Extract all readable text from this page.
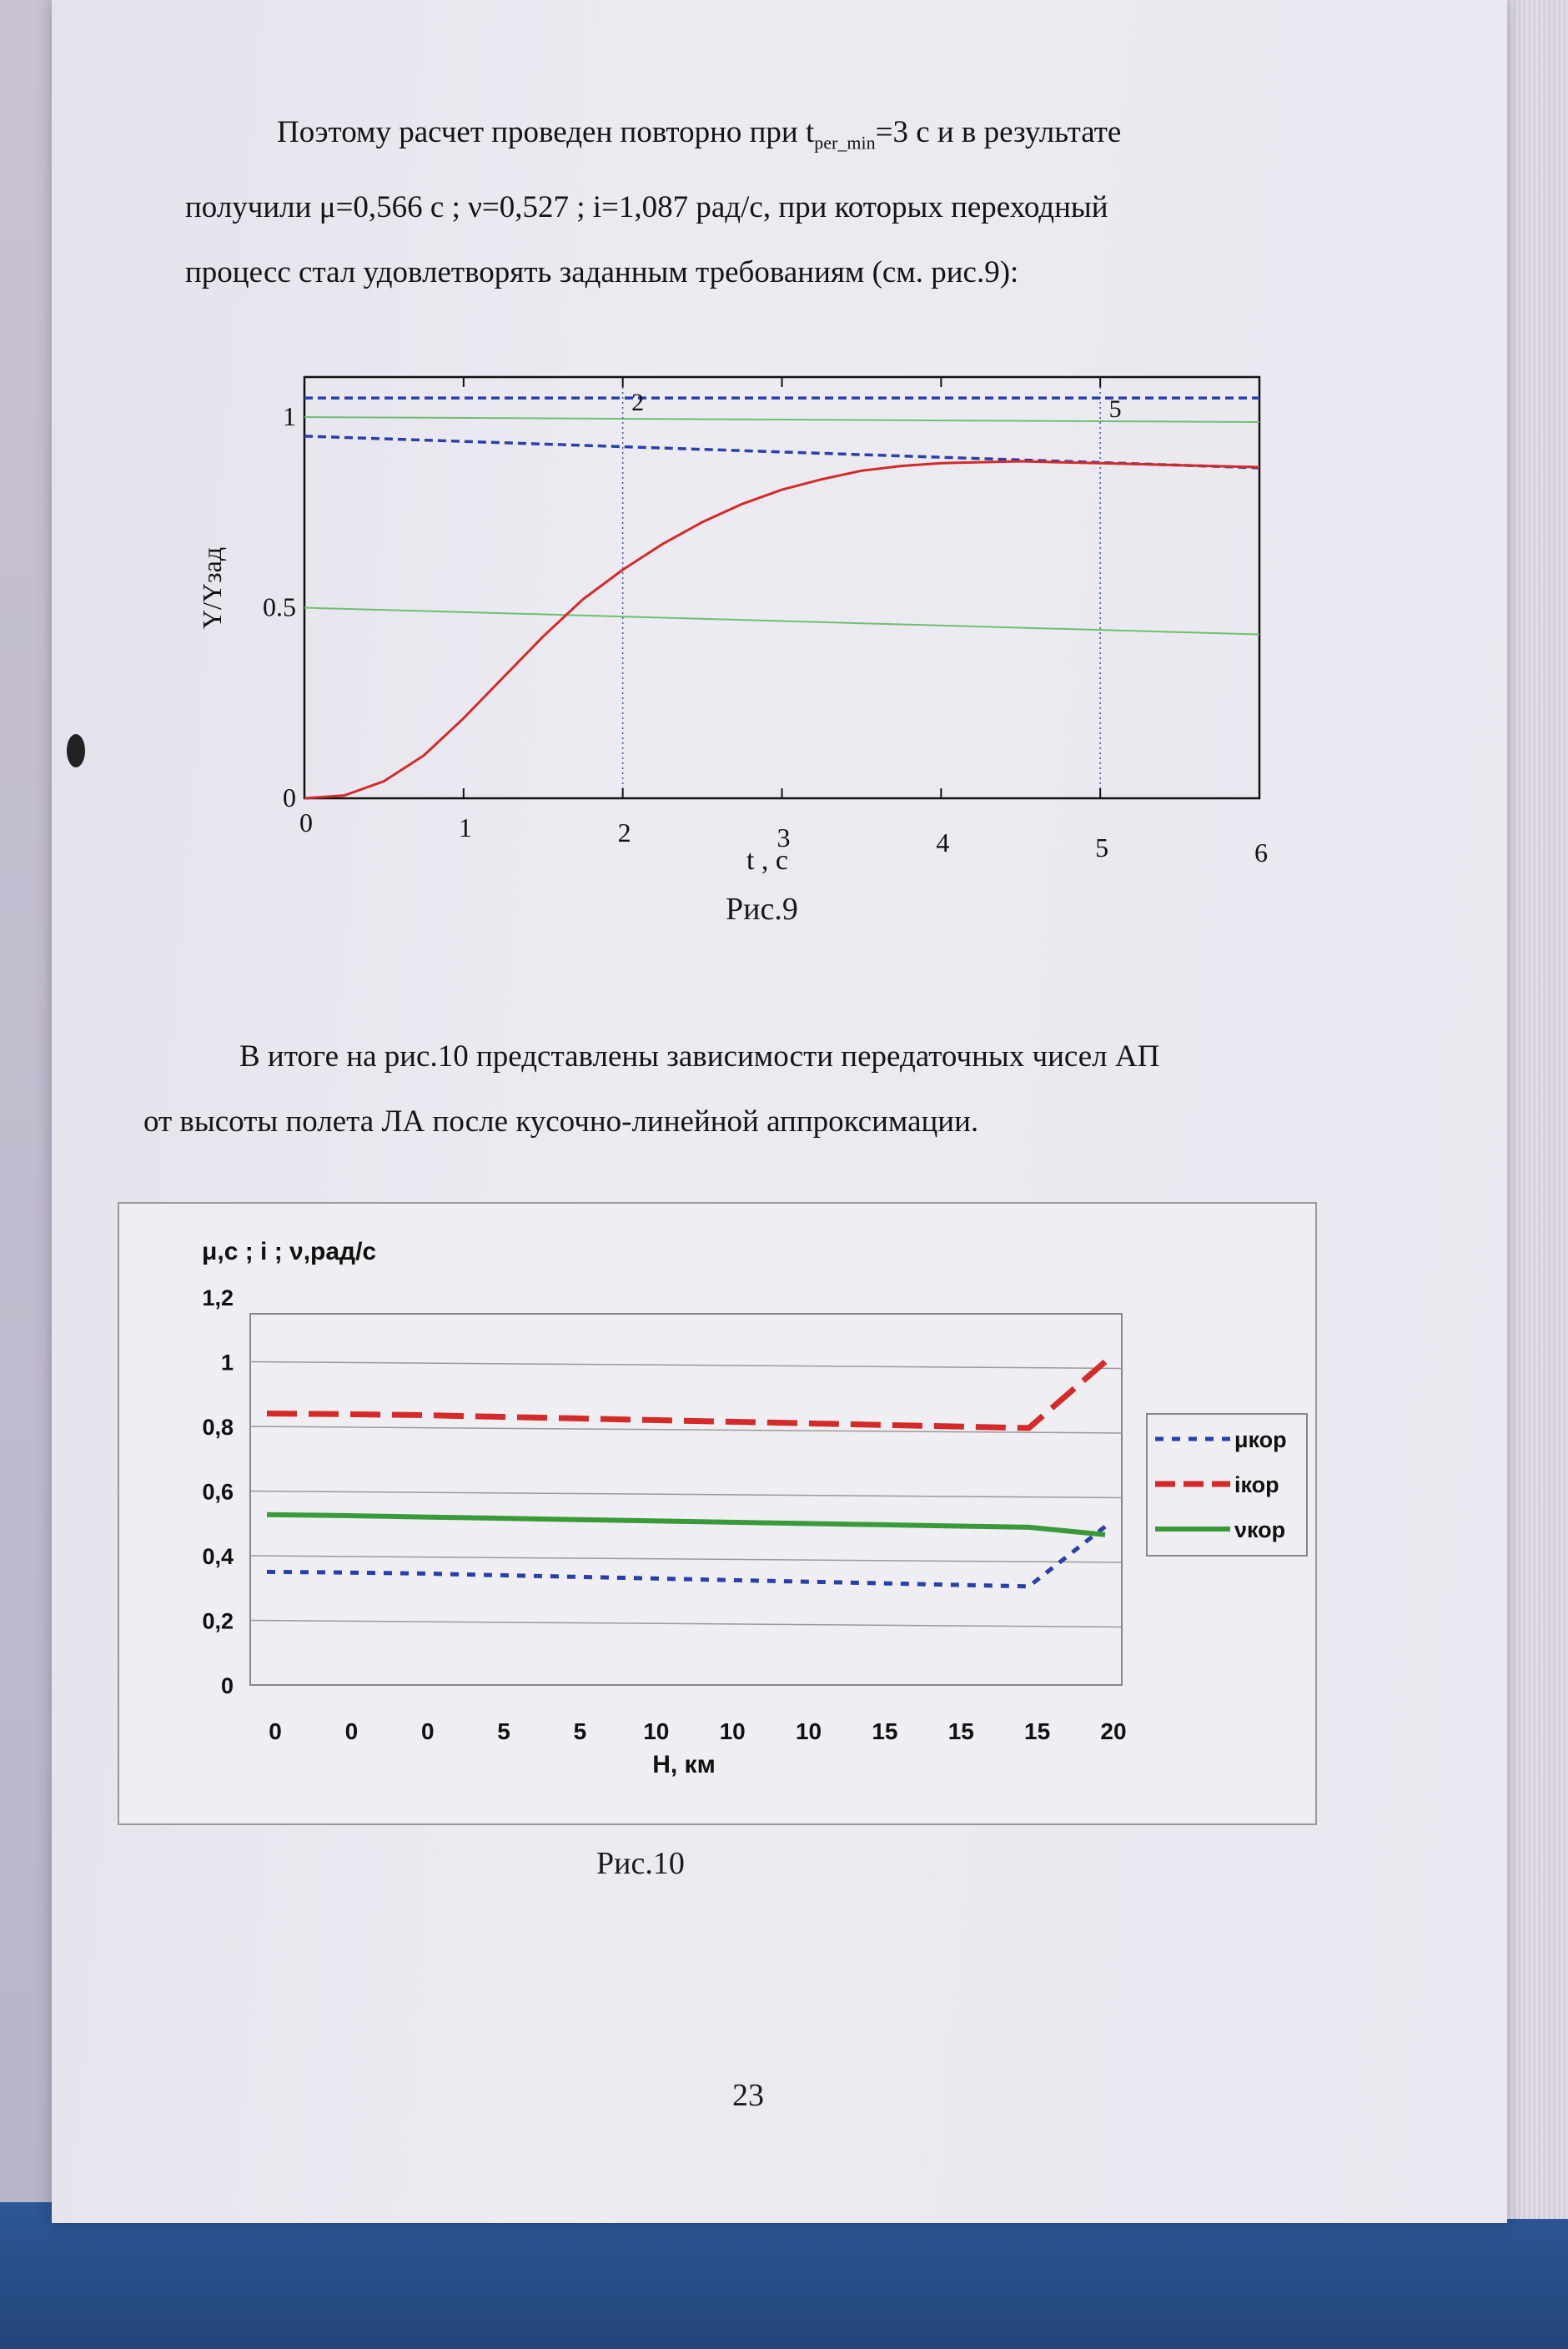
Поэтому расчет проведен повторно при $t_{per\_min}=3$ с и в результате

получили μ=0,566 с ; ν=0,527 ; i=1,087 рад/с, при которых переходный

процесс стал удовлетворять заданным требованиям (см. рис.9):

0	1	2	3	4	5	6
0
0.5
1	2	5
Y/Yзад
t , с
Рис.9

В итоге на рис.10 представлены зависимости передаточных чисел АП

от высоты полета ЛА после кусочно-линейной аппроксимации.

0
0,2
0,4
0,6
0,8
1
1,2
0	0	0	5	5 10 10 10 15 15 15 20
μ,с ; i ; ν,рад/с
H, км
μкор
iкор
νкор
Рис.10
23
